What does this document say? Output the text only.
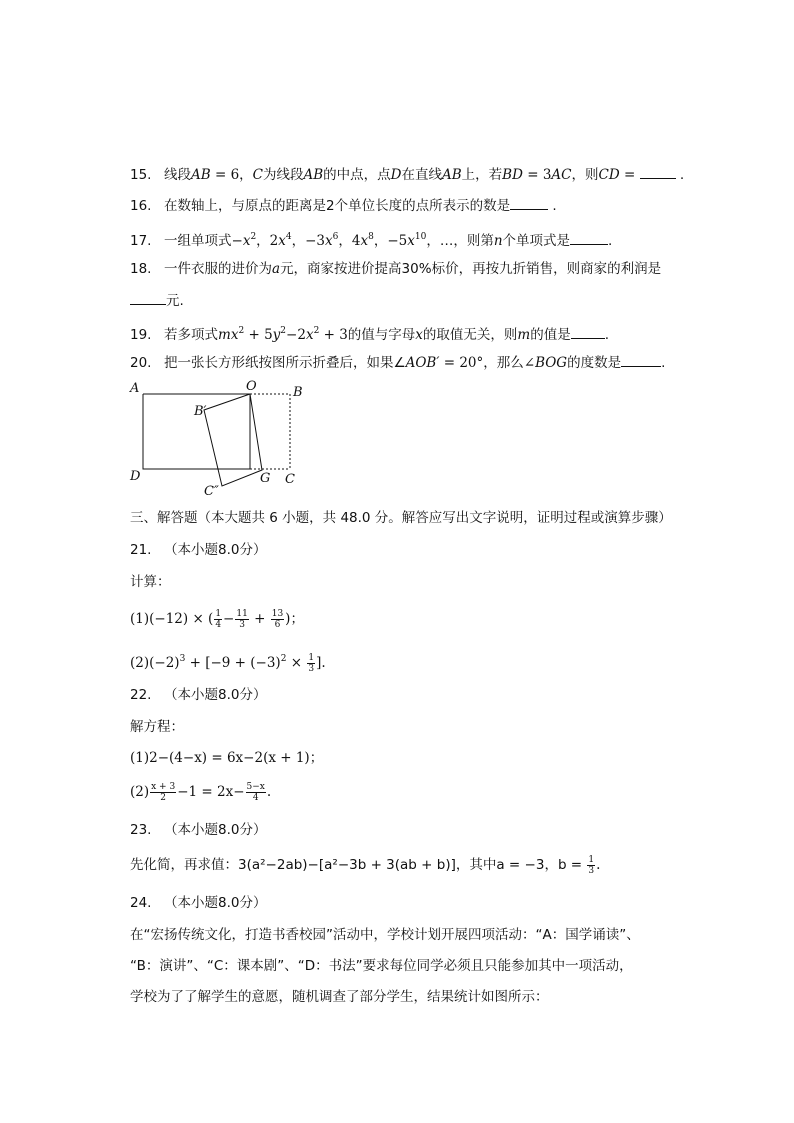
15. 线段AB = 6，C为线段AB的中点，点D在直线AB上，若BD = 3AC，则CD =	.
16. 在数轴上，与原点的距离是2个单位长度的点所表示的数是	.
17. 一组单项式$-x^2$，$2x^4$，$-3x^6$，$4x^8$，$-5x^{10}$，…，则第n个单项式是	.
18. 一件衣服的进价为a元，商家按进价提高30%标价，再按九折销售，则商家的利润是
元.
19. 若多项式$mx^2 + 5y^2-2x^2 + 3$的值与字母x的取值无关，则m的值是	.
20. 把一张长方形纸按图所示折叠后，如果∠AOB′ = 20°，那么∠BOG的度数是	.
A	O	B
B′
D	G C
C″
三、解答题（本大题共 6 小题，共 48.0 分。解答应写出文字说明，证明过程或演算步骤）
21. （本小题8.0分）
计算：
(1)(−12) × ( $\frac{1}{4} - \frac{11}{3} + \frac{13}{6}$ )；
$(2)(-2)^3 + [-9 + (-3)^2 \times \frac{1}{3}$ ].
22. （本小题8.0分）
解方程：
(1)2−(4−x) = 6x−2(x + 1)；
$(2) \frac{x + 3}{2} -1 = 2x- \frac{5-x}{4}$ .
23. （本小题8.0分）
先化简，再求值：3(a²−2ab)−[a²−3b + 3(ab + b)]，其中a = −3，$b = \frac{1}{3}$ .
24. （本小题8.0分）
在“宏扬传统文化，打造书香校园”活动中，学校计划开展四项活动：“A：国学诵读”、
“B：演讲”、“C：课本剧”、“D：书法”要求每位同学必须且只能参加其中一项活动，
学校为了了解学生的意愿，随机调查了部分学生，结果统计如图所示：
